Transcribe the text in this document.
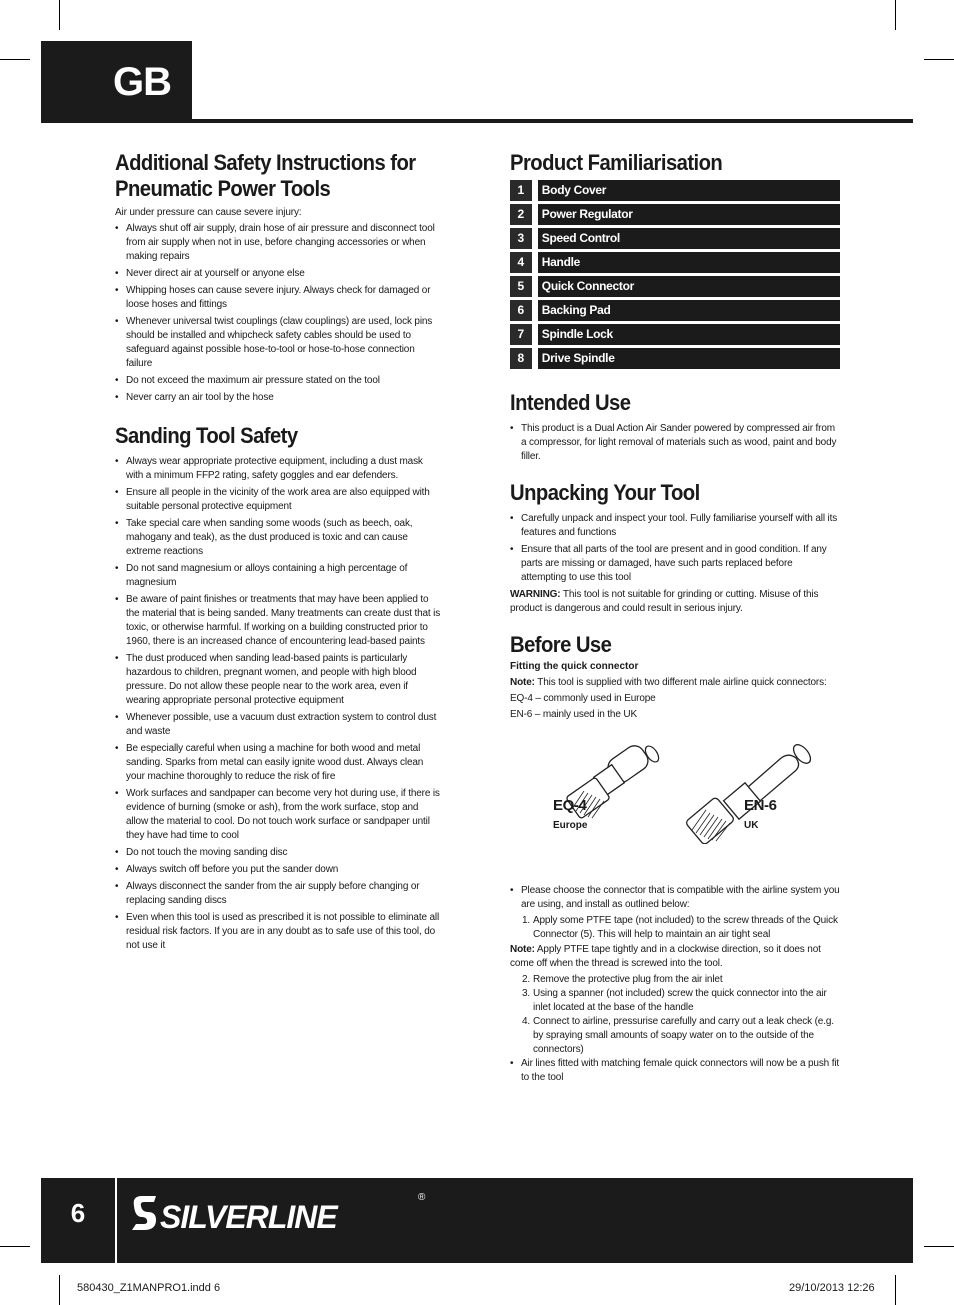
GB
Additional Safety Instructions for
Pneumatic Power Tools
Air under pressure can cause severe injury:
• Always shut off air supply, drain hose of air pressure and disconnect tool from air supply when not in use, before changing accessories or when making repairs
• Never direct air at yourself or anyone else
• Whipping hoses can cause severe injury. Always check for damaged or loose hoses and fittings
• Whenever universal twist couplings (claw couplings) are used, lock pins should be installed and whipcheck safety cables should be used to safeguard against possible hose-to-tool or hose-to-hose connection failure
• Do not exceed the maximum air pressure stated on the tool
• Never carry an air tool by the hose
Sanding Tool Safety
• Always wear appropriate protective equipment, including a dust mask with a minimum FFP2 rating, safety goggles and ear defenders.
• Ensure all people in the vicinity of the work area are also equipped with suitable personal protective equipment
• Take special care when sanding some woods (such as beech, oak, mahogany and teak), as the dust produced is toxic and can cause extreme reactions
• Do not sand magnesium or alloys containing a high percentage of magnesium
• Be aware of paint finishes or treatments that may have been applied to the material that is being sanded. Many treatments can create dust that is toxic, or otherwise harmful. If working on a building constructed prior to 1960, there is an increased chance of encountering lead-based paints
• The dust produced when sanding lead-based paints is particularly hazardous to children, pregnant women, and people with high blood pressure. Do not allow these people near to the work area, even if wearing appropriate personal protective equipment
• Whenever possible, use a vacuum dust extraction system to control dust and waste
• Be especially careful when using a machine for both wood and metal sanding. Sparks from metal can easily ignite wood dust. Always clean your machine thoroughly to reduce the risk of fire
• Work surfaces and sandpaper can become very hot during use, if there is evidence of burning (smoke or ash), from the work surface, stop and allow the material to cool. Do not touch work surface or sandpaper until they have had time to cool
• Do not touch the moving sanding disc
• Always switch off before you put the sander down
• Always disconnect the sander from the air supply before changing or replacing sanding discs
• Even when this tool is used as prescribed it is not possible to eliminate all residual risk factors. If you are in any doubt as to safe use of this tool, do not use it
Product Familiarisation
1	Body Cover
2	Power Regulator
3	Speed Control
4	Handle
5	Quick Connector
6	Backing Pad
7	Spindle Lock
8	Drive Spindle
Intended Use
• This product is a Dual Action Air Sander powered by compressed air from a compressor, for light removal of materials such as wood, paint and body filler.
Unpacking Your Tool
• Carefully unpack and inspect your tool. Fully familiarise yourself with all its features and functions
• Ensure that all parts of the tool are present and in good condition. If any parts are missing or damaged, have such parts replaced before attempting to use this tool
WARNING: This tool is not suitable for grinding or cutting. Misuse of this product is dangerous and could result in serious injury.
Before Use
Fitting the quick connector
Note: This tool is supplied with two different male airline quick connectors:
EQ-4 – commonly used in Europe
EN-6 – mainly used in the UK
EQ-4
Europe
EN-6
UK
• Please choose the connector that is compatible with the airline system you are using, and install as outlined below:
1. Apply some PTFE tape (not included) to the screw threads of the Quick Connector (5). This will help to maintain an air tight seal
Note: Apply PTFE tape tightly and in a clockwise direction, so it does not come off when the thread is screwed into the tool.
2. Remove the protective plug from the air inlet
3. Using a spanner (not included) screw the quick connector into the air inlet located at the base of the handle
4. Connect to airline, pressurise carefully and carry out a leak check (e.g. by spraying small amounts of soapy water on to the outside of the connectors)
• Air lines fitted with matching female quick connectors will now be a push fit to the tool
6	SILVERLINE
®
580430_Z1MANPRO1.indd 6	29/10/2013 12:26
